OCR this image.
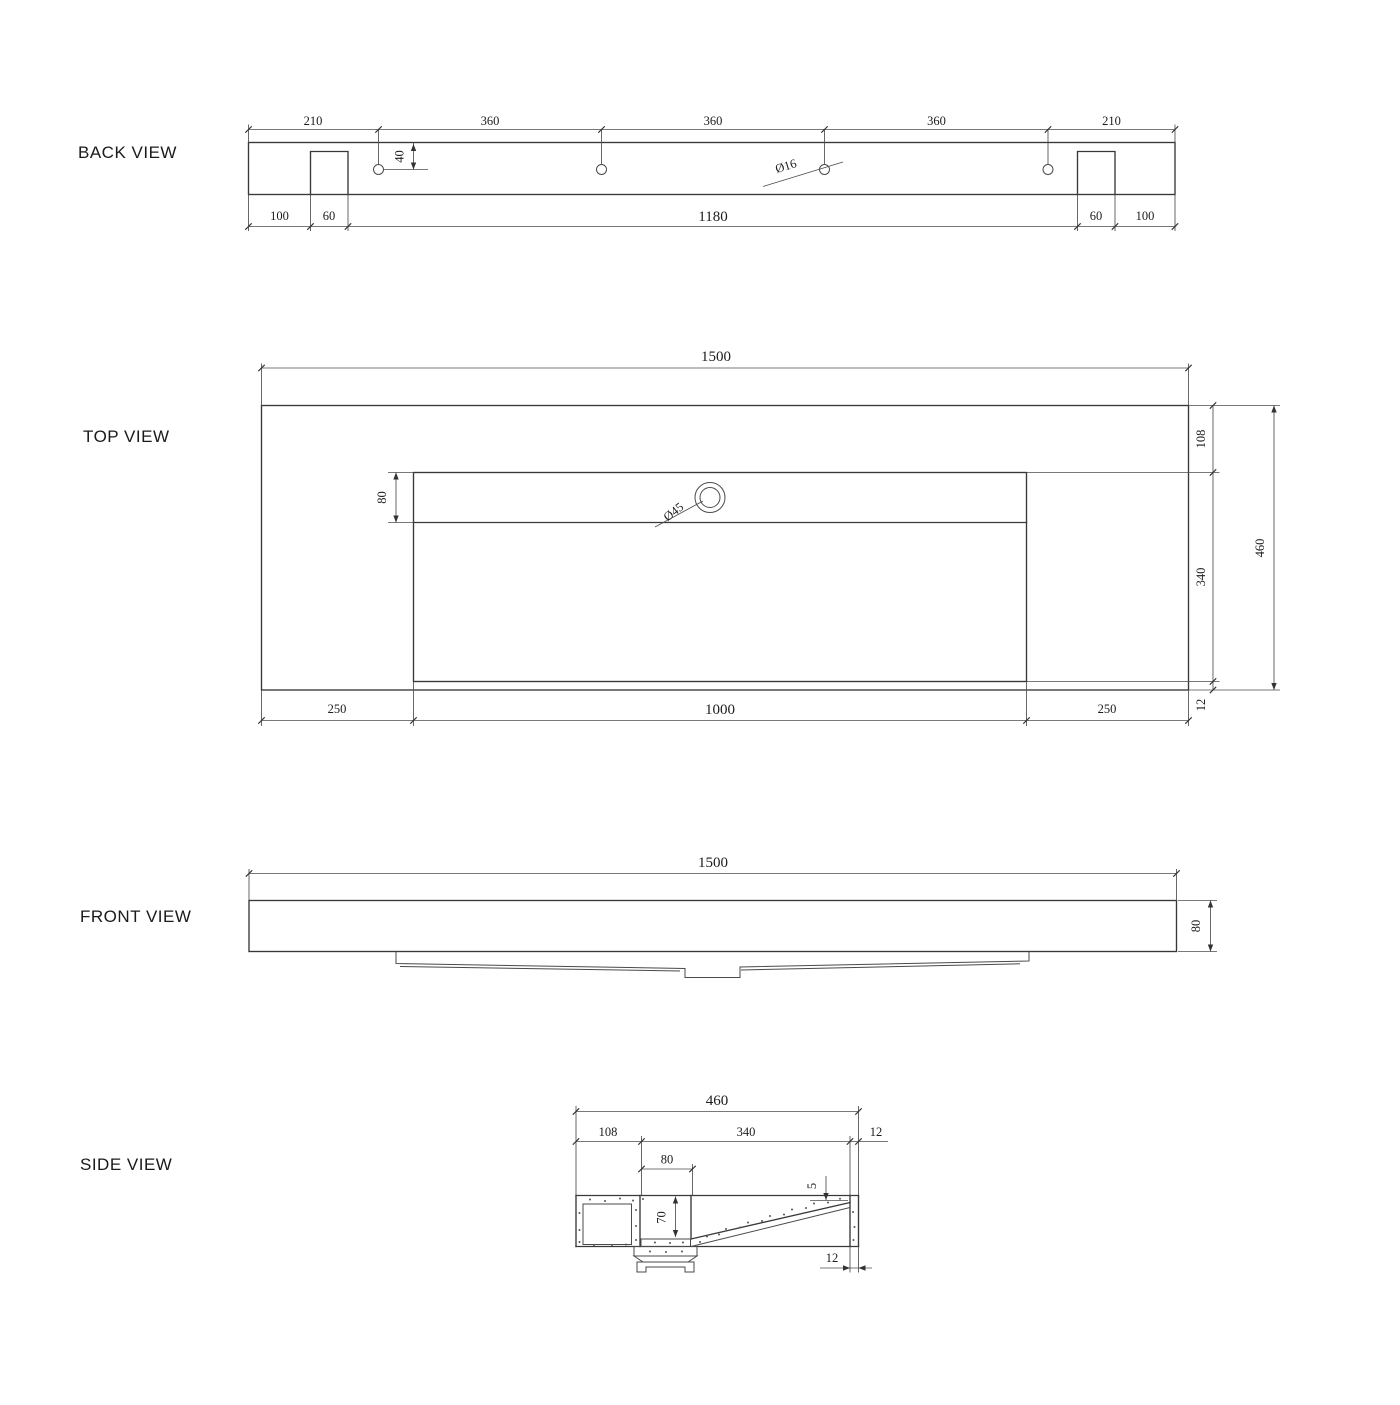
BACK VIEW
210	360	360	360	210
40	Ø16
100	60	1180	60	100
TOP VIEW
Ø45
1500
80
108
340
12
460
250	1000	250
FRONT VIEW
1500
80
SIDE VIEW
460
108	340	12
80
70
5
12
